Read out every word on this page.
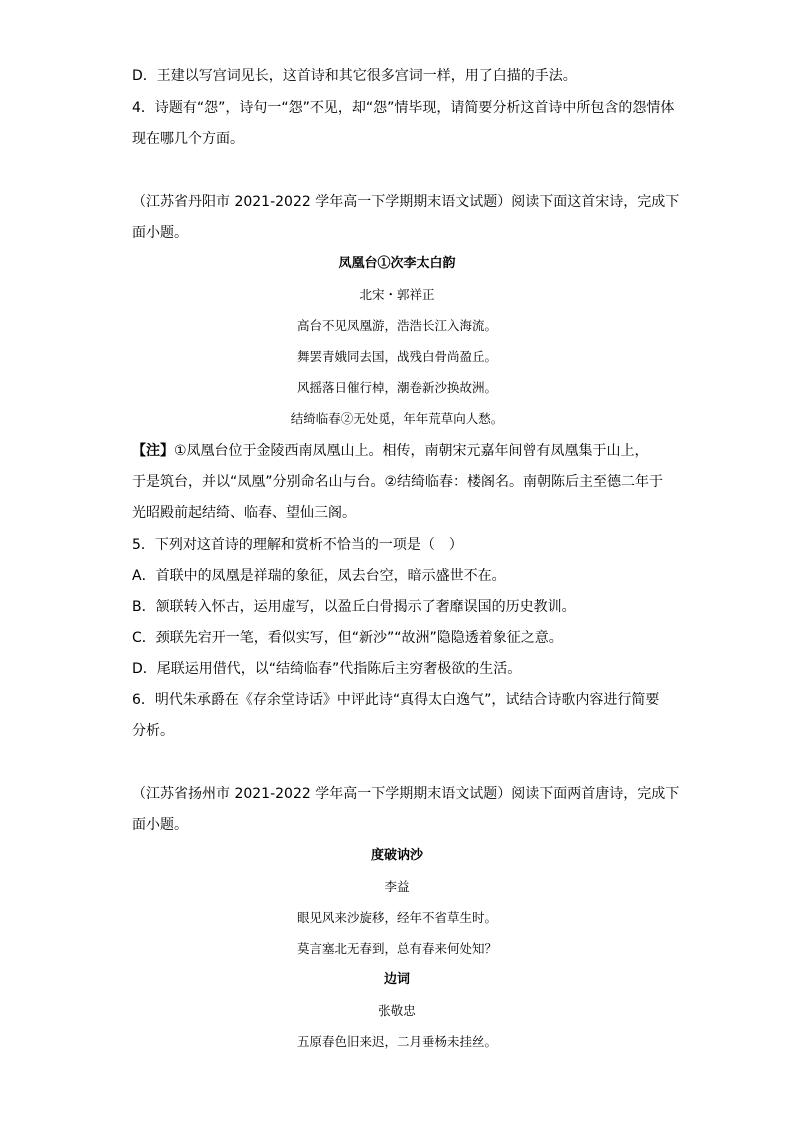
D．王建以写宫词见长，这首诗和其它很多宫词一样，用了白描的手法。
4．诗题有“怨”，诗句一“怨”不见，却“怨”情毕现，请简要分析这首诗中所包含的怨情体
现在哪几个方面。
（江苏省丹阳市 2021-2022 学年高一下学期期末语文试题）阅读下面这首宋诗，完成下
面小题。
凤凰台①次李太白韵
北宋・郭祥正
高台不见凤凰游，浩浩长江入海流。
舞罢青娥同去国，战残白骨尚盈丘。
风摇落日催行棹，潮卷新沙换故洲。
结绮临春②无处觅，年年荒草向人愁。
【注】①凤凰台位于金陵西南凤凰山上。相传，南朝宋元嘉年间曾有凤凰集于山上，
于是筑台，并以“凤凰”分别命名山与台。②结绮临春：楼阁名。南朝陈后主至德二年于
光昭殿前起结绮、临春、望仙三阁。
5．下列对这首诗的理解和赏析不恰当的一项是（　）
A．首联中的凤凰是祥瑞的象征，凤去台空，暗示盛世不在。
B．颔联转入怀古，运用虚写，以盈丘白骨揭示了奢靡误国的历史教训。
C．颈联先宕开一笔，看似实写，但“新沙”“故洲”隐隐透着象征之意。
D．尾联运用借代，以“结绮临春”代指陈后主穷奢极欲的生活。
6．明代朱承爵在《存余堂诗话》中评此诗“真得太白逸气”，试结合诗歌内容进行简要
分析。
（江苏省扬州市 2021-2022 学年高一下学期期末语文试题）阅读下面两首唐诗，完成下
面小题。
度破讷沙
李益
眼见风来沙旋移，经年不省草生时。
莫言塞北无春到，总有春来何处知？
边词
张敬忠
五原春色旧来迟，二月垂杨未挂丝。
